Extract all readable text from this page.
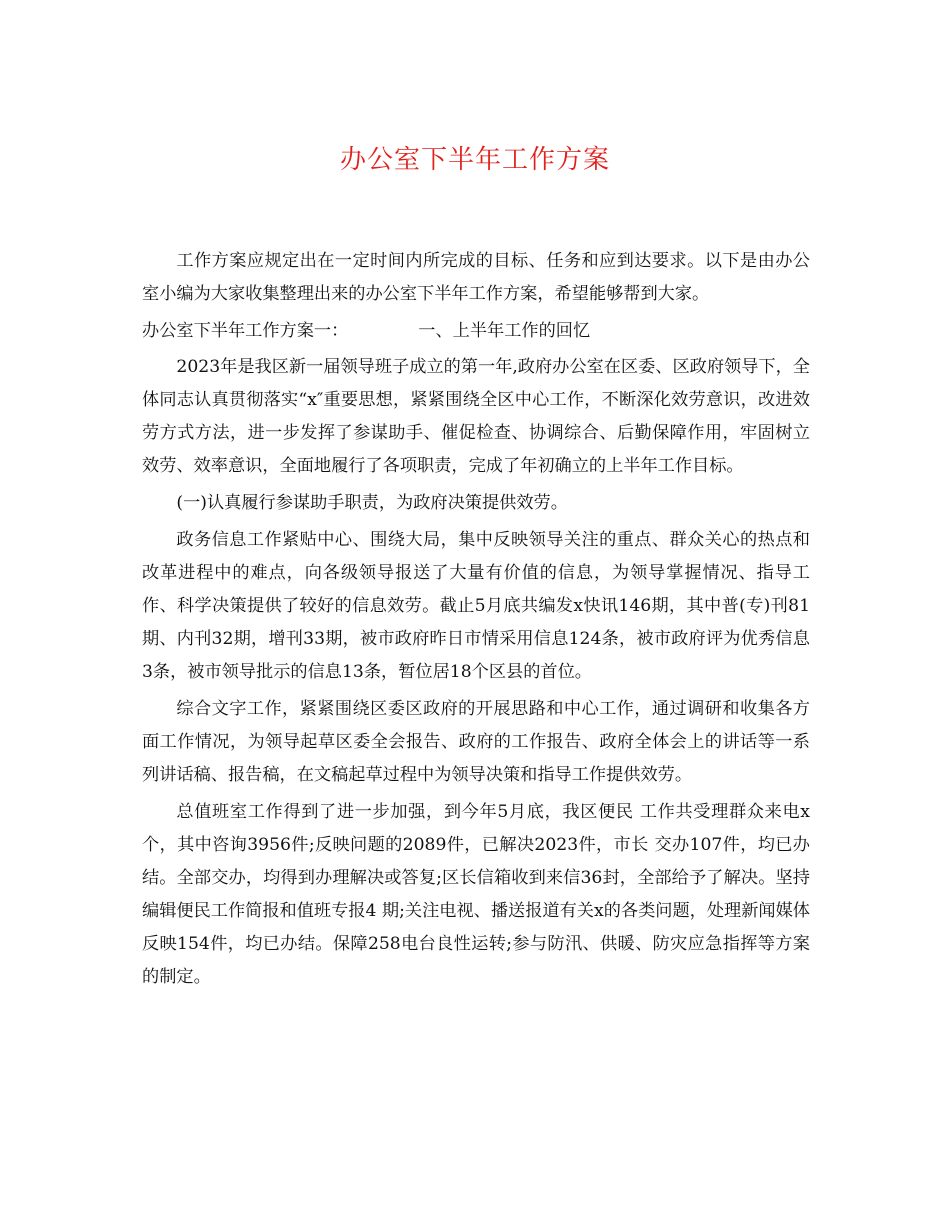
办公室下半年工作方案

工作方案应规定出在一定时间内所完成的目标、任务和应到达要求。以下是由办公室小编为大家收集整理出来的办公室下半年工作方案，希望能够帮到大家。

办公室下半年工作方案一：	一、上半年工作的回忆

2023年是我区新一届领导班子成立的第一年,政府办公室在区委、区政府领导下，全体同志认真贯彻落实“x″重要思想，紧紧围绕全区中心工作，不断深化效劳意识，改进效劳方式方法，进一步发挥了参谋助手、催促检查、协调综合、后勤保障作用，牢固树立效劳、效率意识，全面地履行了各项职责，完成了年初确立的上半年工作目标。

(一)认真履行参谋助手职责，为政府决策提供效劳。

政务信息工作紧贴中心、围绕大局，集中反映领导关注的重点、群众关心的热点和改革进程中的难点，向各级领导报送了大量有价值的信息，为领导掌握情况、指导工作、科学决策提供了较好的信息效劳。截止5月底共编发x快讯146期，其中普(专)刊81期、内刊32期，增刊33期，被市政府昨日市情采用信息124条，被市政府评为优秀信息3条，被市领导批示的信息13条，暂位居18个区县的首位。

综合文字工作，紧紧围绕区委区政府的开展思路和中心工作，通过调研和收集各方面工作情况，为领导起草区委全会报告、政府的工作报告、政府全体会上的讲话等一系列讲话稿、报告稿，在文稿起草过程中为领导决策和指导工作提供效劳。

总值班室工作得到了进一步加强，到今年5月底，我区便民 工作共受理群众来电x个，其中咨询3956件;反映问题的2089件，已解决2023件，市长 交办107件，均已办结。全部交办，均得到办理解决或答复;区长信箱收到来信36封，全部给予了解决。坚持编辑便民工作简报和值班专报4 期;关注电视、播送报道有关x的各类问题，处理新闻媒体反映154件，均已办结。保障258电台良性运转;参与防汛、供暖、防灾应急指挥等方案的制定。
